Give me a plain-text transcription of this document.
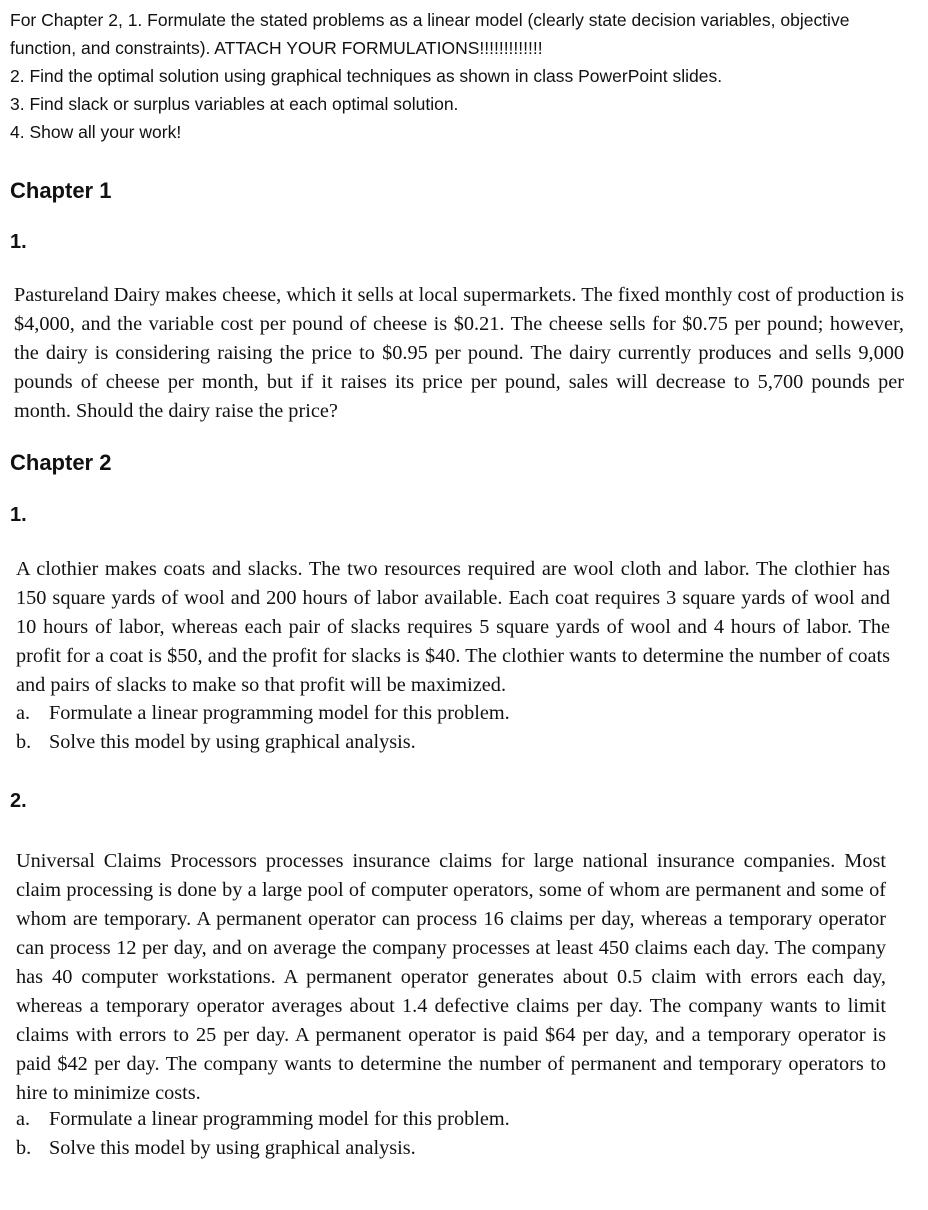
For Chapter 2, 1. Formulate the stated problems as a linear model (clearly state decision variables, objective function, and constraints). ATTACH YOUR FORMULATIONS!!!!!!!!!!!!!

2. Find the optimal solution using graphical techniques as shown in class PowerPoint slides.

3. Find slack or surplus variables at each optimal solution.

4. Show all your work!

Chapter 1
1.

Pastureland Dairy makes cheese, which it sells at local supermarkets. The fixed monthly cost of production is $4,000, and the variable cost per pound of cheese is $0.21. The cheese sells for $0.75 per pound; however, the dairy is considering raising the price to $0.95 per pound. The dairy currently produces and sells 9,000 pounds of cheese per month, but if it raises its price per pound, sales will decrease to 5,700 pounds per month. Should the dairy raise the price?

Chapter 2
1.

A clothier makes coats and slacks. The two resources required are wool cloth and labor. The clothier has 150 square yards of wool and 200 hours of labor available. Each coat requires 3 square yards of wool and 10 hours of labor, whereas each pair of slacks requires 5 square yards of wool and 4 hours of labor. The profit for a coat is $50, and the profit for slacks is $40. The clothier wants to determine the number of coats and pairs of slacks to make so that profit will be maximized.

a. Formulate a linear programming model for this problem.
b. Solve this model by using graphical analysis.
2.

Universal Claims Processors processes insurance claims for large national insurance companies. Most claim processing is done by a large pool of computer operators, some of whom are permanent and some of whom are temporary. A permanent operator can process 16 claims per day, whereas a temporary operator can process 12 per day, and on average the company processes at least 450 claims each day. The company has 40 computer workstations. A permanent operator generates about 0.5 claim with errors each day, whereas a temporary operator averages about 1.4 defective claims per day. The company wants to limit claims with errors to 25 per day. A permanent operator is paid $64 per day, and a temporary operator is paid $42 per day. The company wants to determine the number of permanent and temporary operators to hire to minimize costs.

a. Formulate a linear programming model for this problem.
b. Solve this model by using graphical analysis.
